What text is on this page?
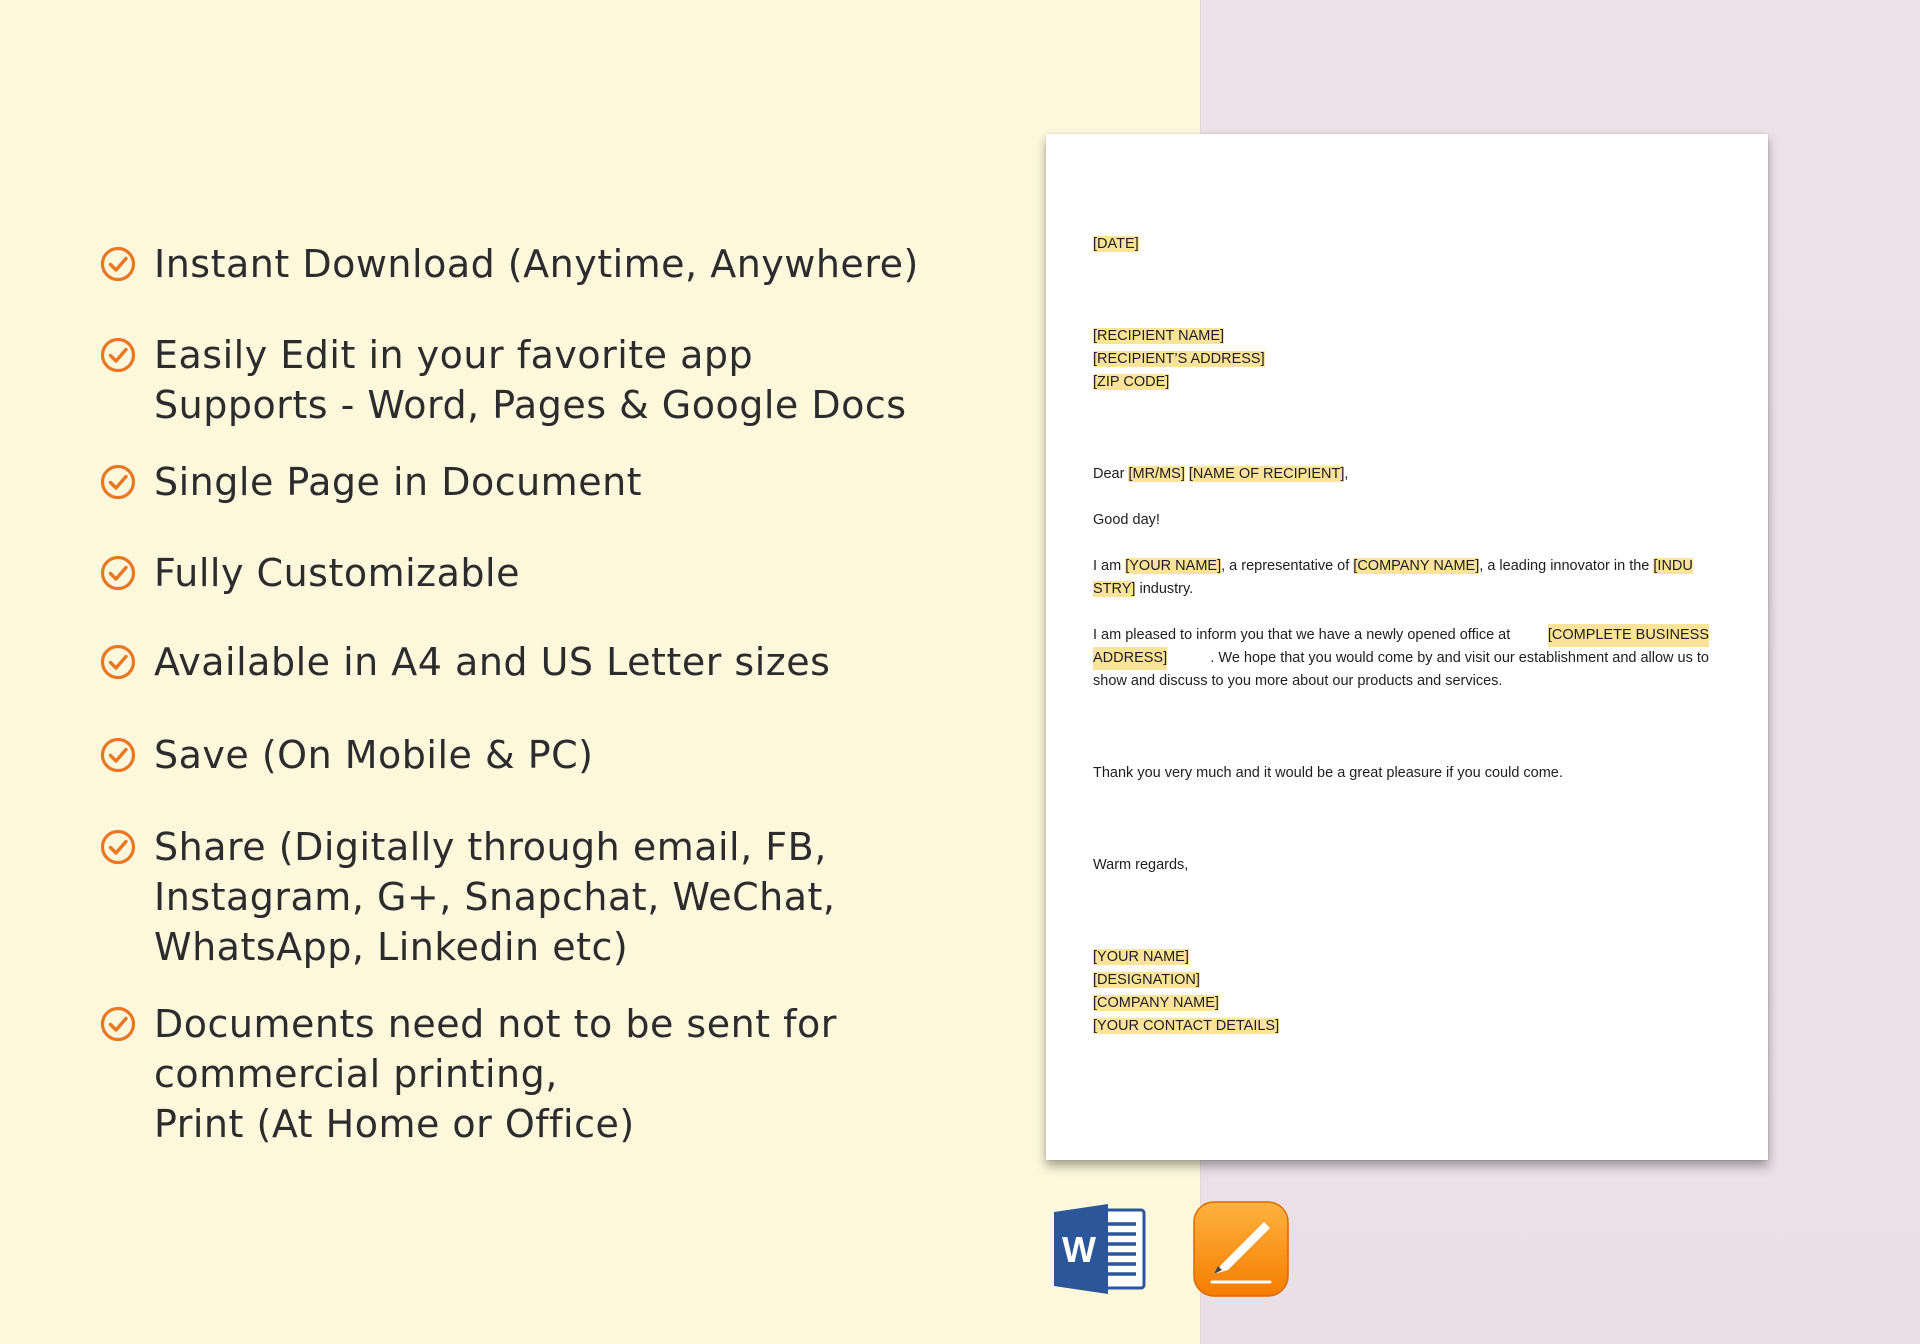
Instant Download (Anytime, Anywhere)
Easily Edit in your favorite app
Supports - Word, Pages & Google Docs
Single Page in Document
Fully Customizable
Available in A4 and US Letter sizes
Save (On Mobile & PC)
Share (Digitally through email, FB,
Instagram, G+, Snapchat, WeChat,
WhatsApp, Linkedin etc)
Documents need not to be sent for
commercial printing,
Print (At Home or Office)
[DATE]
[RECIPIENT NAME]
[RECIPIENT’S ADDRESS]
[ZIP CODE]
Dear [MR/MS] [NAME OF RECIPIENT],
Good day!
I am [YOUR NAME], a representative of [COMPANY NAME], a leading innovator in the [INDU
STRY] industry.
I am pleased to inform you that we have a newly opened office at	[COMPLETE BUSINESS
ADDRESS]	. We hope that you would come by and visit our establishment and allow us to
show and discuss to you more about our products and services.
Thank you very much and it would be a great pleasure if you could come.
Warm regards,
[YOUR NAME]
[DESIGNATION]
[COMPANY NAME]
[YOUR CONTACT DETAILS]
W
